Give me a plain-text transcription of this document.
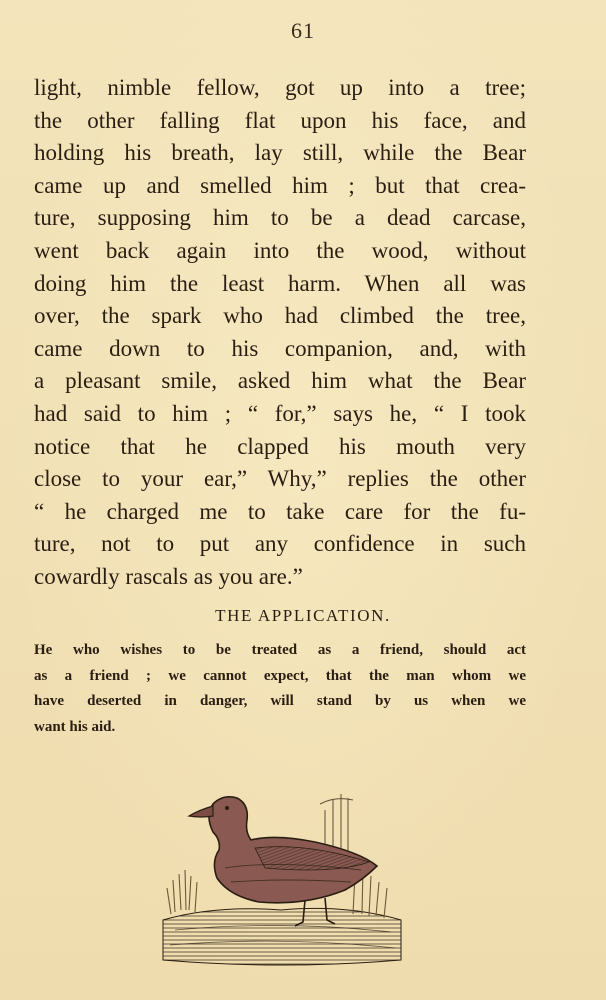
61
light, nimble fellow, got up into a tree;
the other falling flat upon his face, and
holding his breath, lay still, while the Bear
came up and smelled him ; but that crea-
ture, supposing him to be a dead carcase,
went back again into the wood, without
doing him the least harm. When all was
over, the spark who had climbed the tree,
came down to his companion, and, with
a pleasant smile, asked him what the Bear
had said to him ; “ for,” says he, “ I took
notice that he clapped his mouth very
close to your ear,” Why,” replies the other
“ he charged me to take care for the fu-
ture, not to put any confidence in such
cowardly rascals as you are.”
THE APPLICATION.
He who wishes to be treated as a friend, should act
as a friend ; we cannot expect, that the man whom we
have deserted in danger, will stand by us when we
want his aid.
